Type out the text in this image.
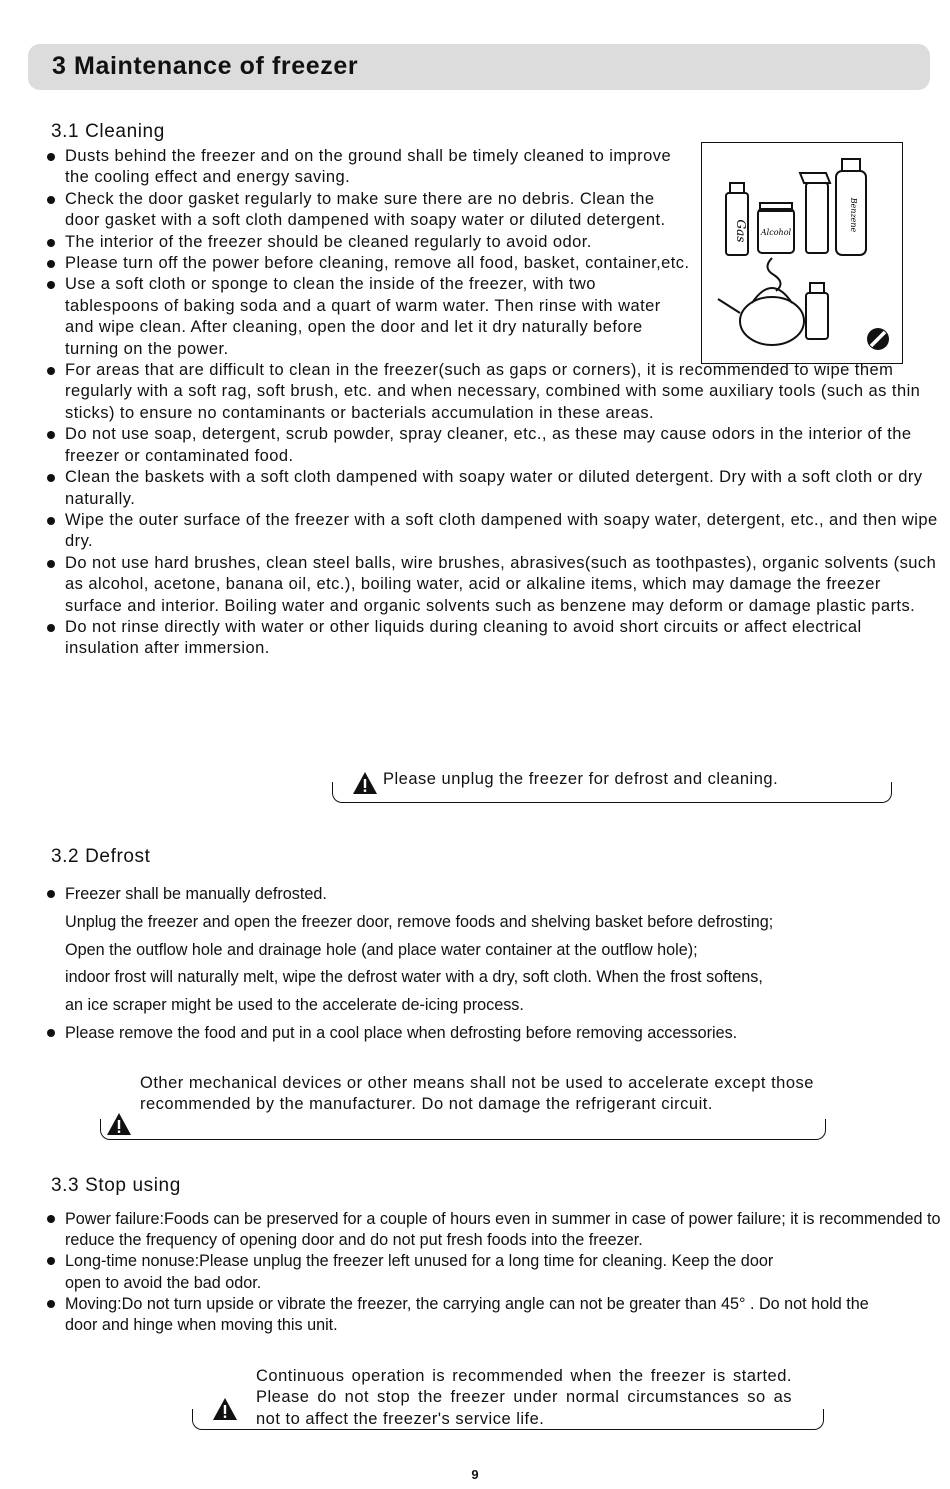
3 Maintenance of freezer
3.1 Cleaning
Dusts behind the freezer and on the ground shall be timely cleaned to improve the cooling effect and energy saving.
Check the door gasket regularly to make sure there are no debris. Clean the door gasket with a soft cloth dampened with soapy water or diluted detergent.
The interior of the freezer should be cleaned regularly to avoid odor.
Please turn off the power before cleaning, remove all food, basket, container,etc.
Use a soft cloth or sponge to clean the inside of the freezer, with two tablespoons of baking soda and a quart of warm water. Then rinse with water and wipe clean. After cleaning, open the door and let it dry naturally before turning on the power.
For areas that are difficult to clean in the freezer(such as gaps or corners), it is recommended to wipe them regularly with a soft rag, soft brush, etc. and when necessary, combined with some auxiliary tools (such as thin sticks) to ensure no contaminants or bacterials accumulation in these areas.
Do not use soap, detergent, scrub powder, spray cleaner, etc., as these may cause odors in the interior of the freezer or contaminated food.
Clean the baskets with a soft cloth dampened with soapy water or diluted detergent. Dry with a soft cloth or dry naturally.
Wipe the outer surface of the freezer with a soft cloth dampened with soapy water, detergent, etc., and then wipe dry.
Do not use hard brushes, clean steel balls, wire brushes, abrasives(such as toothpastes), organic solvents (such as alcohol, acetone, banana oil, etc.), boiling water, acid or alkaline items, which may damage the freezer surface and interior. Boiling water and organic solvents such as benzene may deform or damage plastic parts.
Do not rinse directly with water or other liquids during cleaning to avoid short circuits or affect electrical insulation after immersion.
Gas Alcohol
Benzene
Please unplug the freezer for defrost and cleaning.
3.2 Defrost
Freezer shall be manually defrosted.
Unplug the freezer and open the freezer door, remove foods and shelving basket before defrosting;
Open the outflow hole and drainage hole (and place water container at the outflow hole);
indoor frost will naturally melt, wipe the defrost water with a dry, soft cloth. When the frost softens,
an ice scraper might be used to the accelerate de-icing process.
Please remove the food and put in a cool place when defrosting before removing accessories.
Other mechanical devices or other means shall not be used to accelerate except those recommended by the manufacturer. Do not damage the refrigerant circuit.
3.3 Stop using
Power failure:Foods can be preserved for a couple of hours even in summer in case of power failure; it is recommended to reduce the frequency of opening door and do not put fresh foods into the freezer.
Long-time nonuse:Please unplug the freezer left unused for a long time for cleaning. Keep the door open to avoid the bad odor.
Moving:Do not turn upside or vibrate the freezer, the carrying angle can not be greater than 45° . Do not hold the door and hinge when moving this unit.
Continuous operation is recommended when the freezer is started. Please do not stop the freezer under normal circumstances so as not to affect the freezer's service life.
9
